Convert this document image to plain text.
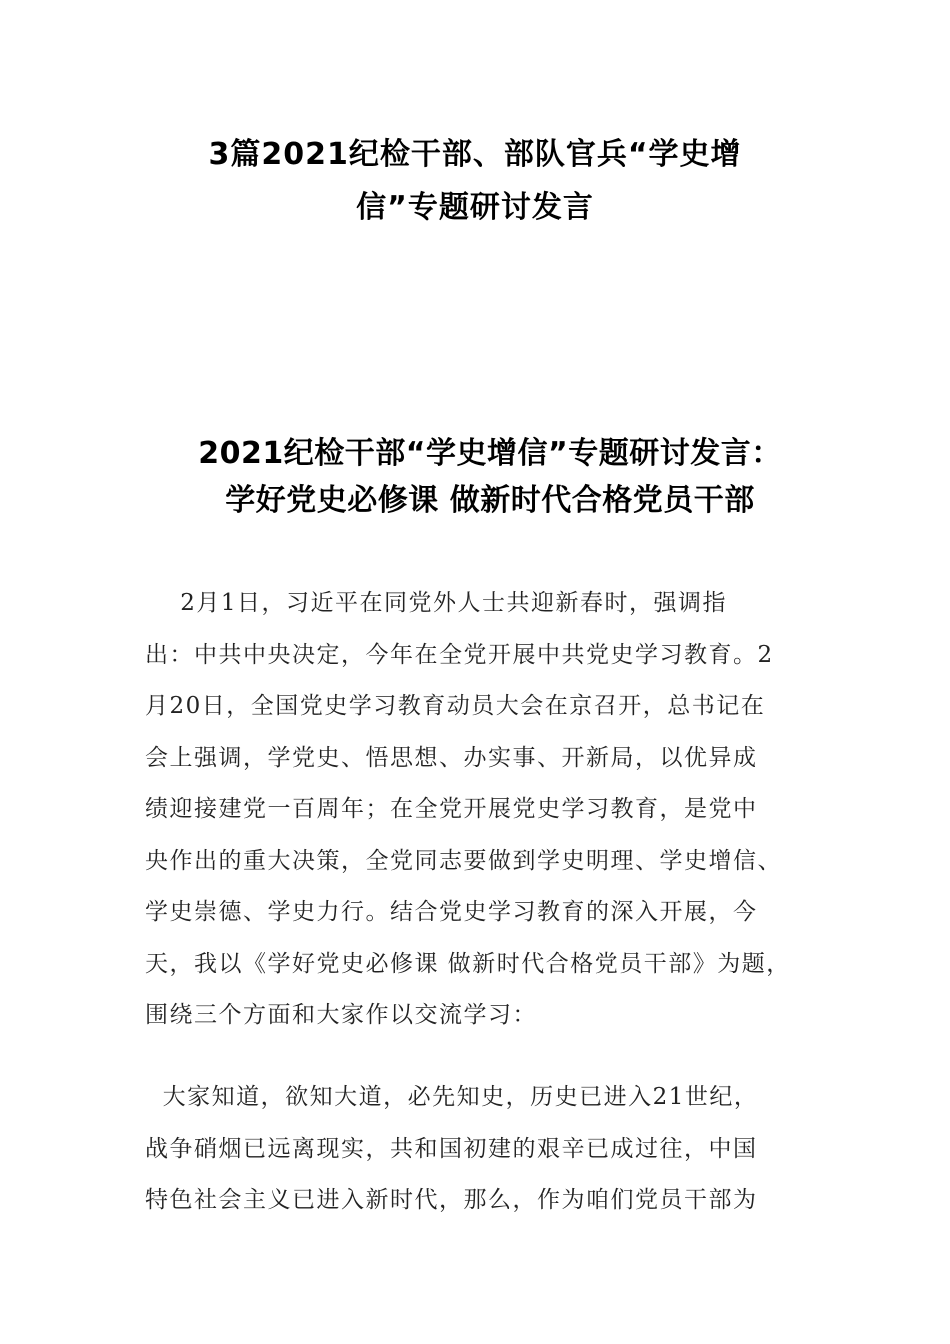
3篇2021纪检干部、部队官兵“学史增
信”专题研讨发言
2021纪检干部“学史增信”专题研讨发言：
学好党史必修课 做新时代合格党员干部
2月1日，习近平在同党外人士共迎新春时，强调指
出：中共中央决定，今年在全党开展中共党史学习教育。2
月20日，全国党史学习教育动员大会在京召开，总书记在
会上强调，学党史、悟思想、办实事、开新局，以优异成
绩迎接建党一百周年；在全党开展党史学习教育，是党中
央作出的重大决策，全党同志要做到学史明理、学史增信、
学史崇德、学史力行。结合党史学习教育的深入开展，今
天，我以《学好党史必修课 做新时代合格党员干部》为题，
围绕三个方面和大家作以交流学习：
大家知道，欲知大道，必先知史，历史已进入21世纪，
战争硝烟已远离现实，共和国初建的艰辛已成过往，中国
特色社会主义已进入新时代，那么，作为咱们党员干部为
